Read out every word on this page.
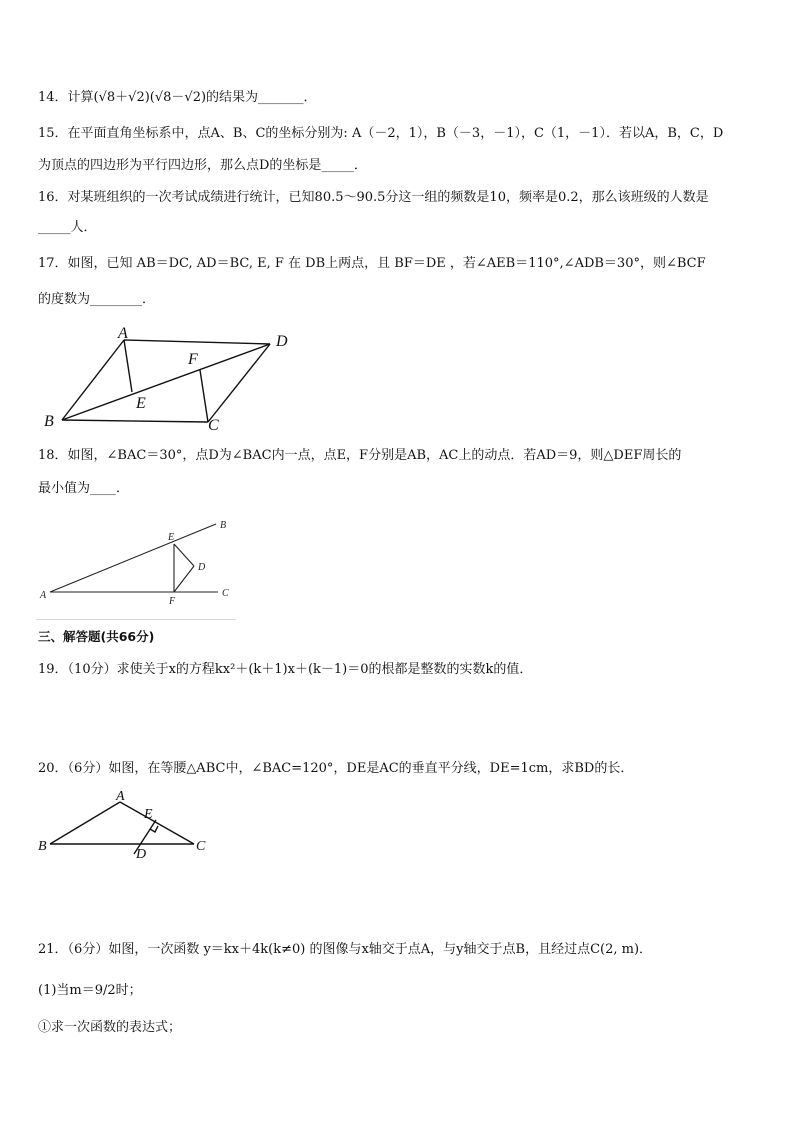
14．计算(√8＋√2)(√8－√2)的结果为_______．
15．在平面直角坐标系中，点A、B、C的坐标分别为: A（－2，1），B（－3，－1），C（1，－1）．若以A，B，C，D
为顶点的四边形为平行四边形，那么点D的坐标是_____．
16．对某班组织的一次考试成绩进行统计，已知80.5～90.5分这一组的频数是10，频率是0.2，那么该班级的人数是
_____人．
17．如图，已知 AB＝DC, AD＝BC, E, F 在 DB上两点，且 BF＝DE ，若∠AEB＝110°,∠ADB＝30°，则∠BCF
的度数为________．
A	D
F
E
B	C
18．如图，∠BAC＝30°，点D为∠BAC内一点，点E，F分别是AB，AC上的动点．若AD＝9，则△DEF周长的
最小值为____．
E
B
D
A
F
C
三、解答题(共66分)
19．（10分）求使关于x的方程kx²＋(k＋1)x＋(k－1)＝0的根都是整数的实数k的值．
20．（6分）如图，在等腰△ABC中，∠BAC=120°，DE是AC的垂直平分线，DE=1cm，求BD的长．
A
E
B
D
C
21．（6分）如图，一次函数 y＝kx＋4k(k≠0) 的图像与x轴交于点A，与y轴交于点B，且经过点C(2, m)．
(1)当m＝9/2时；
①求一次函数的表达式；
